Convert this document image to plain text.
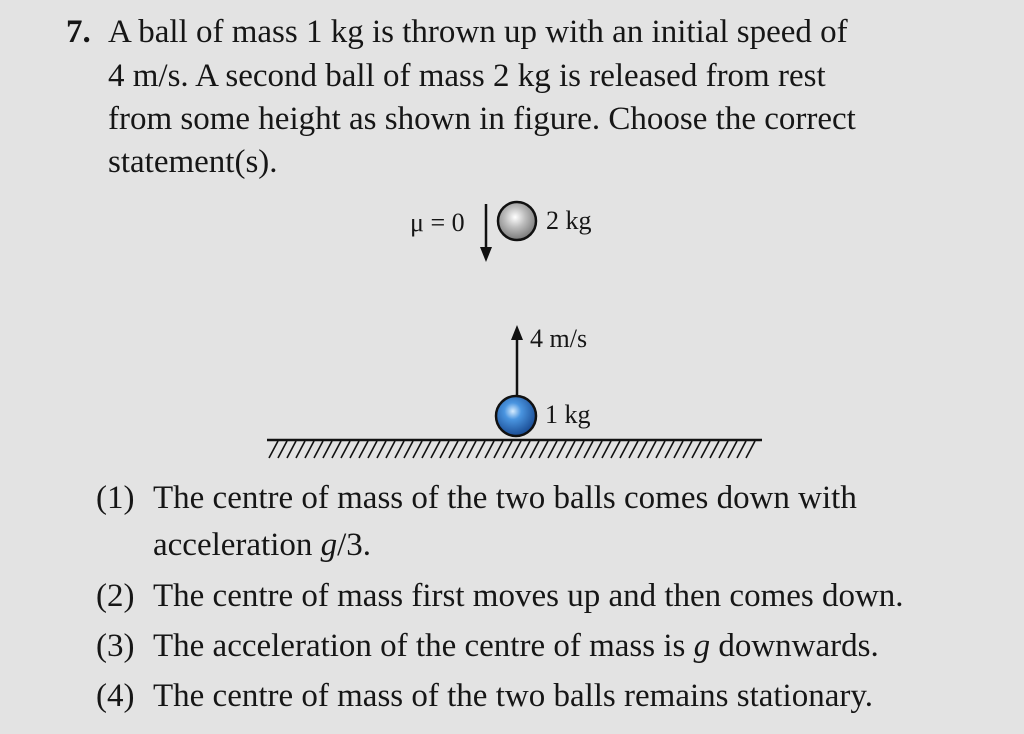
7. A ball of mass 1 kg is thrown up with an initial speed of
4 m/s. A second ball of mass 2 kg is released from rest
from some height as shown in figure. Choose the correct
statement(s).
μ = 0	2 kg
4 m/s
1 kg
(1) The centre of mass of the two balls comes down with
acceleration g/3.
(2) The centre of mass first moves up and then comes down.
(3) The acceleration of the centre of mass is g downwards.
(4) The centre of mass of the two balls remains stationary.
